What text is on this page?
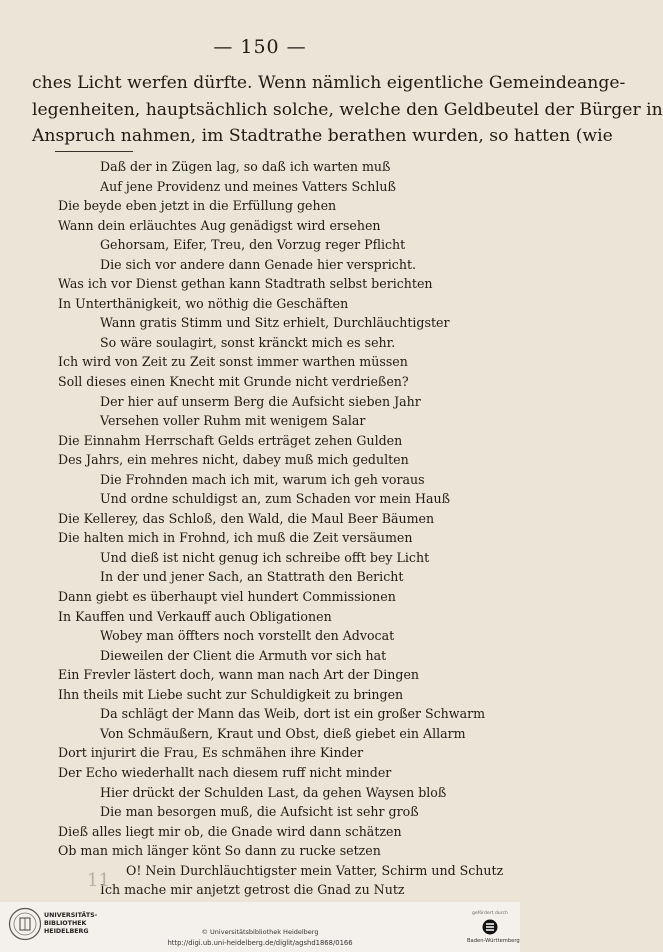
— 150 —
ches Licht werfen dürfte. Wenn nämlich eigentliche Gemeindeange-
legenheiten, hauptsächlich solche, welche den Geldbeutel der Bürger in
Anspruch nahmen, im Stadtrathe berathen wurden, so hatten (wie
Daß der in Zügen lag, so daß ich warten muß
Auf jene Providenz und meines Vatters Schluß
Die beyde eben jetzt in die Erfüllung gehen
Wann dein erläuchtes Aug genädigst wird ersehen
Gehorsam, Eifer, Treu, den Vorzug reger Pflicht
Die sich vor andere dann Genade hier verspricht.
Was ich vor Dienst gethan kann Stadtrath selbst berichten
In Unterthänigkeit, wo nöthig die Geschäften
Wann gratis Stimm und Sitz erhielt, Durchläuchtigster
So wäre soulagirt, sonst kränckt mich es sehr.
Ich wird von Zeit zu Zeit sonst immer warthen müssen
Soll dieses einen Knecht mit Grunde nicht verdrießen?
Der hier auf unserm Berg die Aufsicht sieben Jahr
Versehen voller Ruhm mit wenigem Salar
Die Einnahm Herrschaft Gelds erträget zehen Gulden
Des Jahrs, ein mehres nicht, dabey muß mich gedulten
Die Frohnden mach ich mit, warum ich geh voraus
Und ordne schuldigst an, zum Schaden vor mein Hauß
Die Kellerey, das Schloß, den Wald, die Maul Beer Bäumen
Die halten mich in Frohnd, ich muß die Zeit versäumen
Und dieß ist nicht genug ich schreibe offt bey Licht
In der und jener Sach, an Stattrath den Bericht
Dann giebt es überhaupt viel hundert Commissionen
In Kauffen und Verkauff auch Obligationen
Wobey man öffters noch vorstellt den Advocat
Dieweilen der Client die Armuth vor sich hat
Ein Frevler lästert doch, wann man nach Art der Dingen
Ihn theils mit Liebe sucht zur Schuldigkeit zu bringen
Da schlägt der Mann das Weib, dort ist ein großer Schwarm
Von Schmäußern, Kraut und Obst, dieß giebet ein Allarm
Dort injurirt die Frau, Es schmähen ihre Kinder
Der Echo wiederhallt nach diesem ruff nicht minder
Hier drückt der Schulden Last, da gehen Waysen bloß
Die man besorgen muß, die Aufsicht ist sehr groß
Dieß alles liegt mir ob, die Gnade wird dann schätzen
Ob man mich länger könt So dann zu rucke setzen
O! Nein Durchläuchtigster mein Vatter, Schirm und Schutz
Ich mache mir anjetzt getrost die Gnad zu Nutz
11
UNIVERSITÄTS-
BIBLIOTHEK
HEIDELBERG	© Universitätsbibliothek Heidelberg
http://digi.ub.uni-heidelberg.de/diglit/agshd1868/0166
gefördert durch
Baden-Württemberg
